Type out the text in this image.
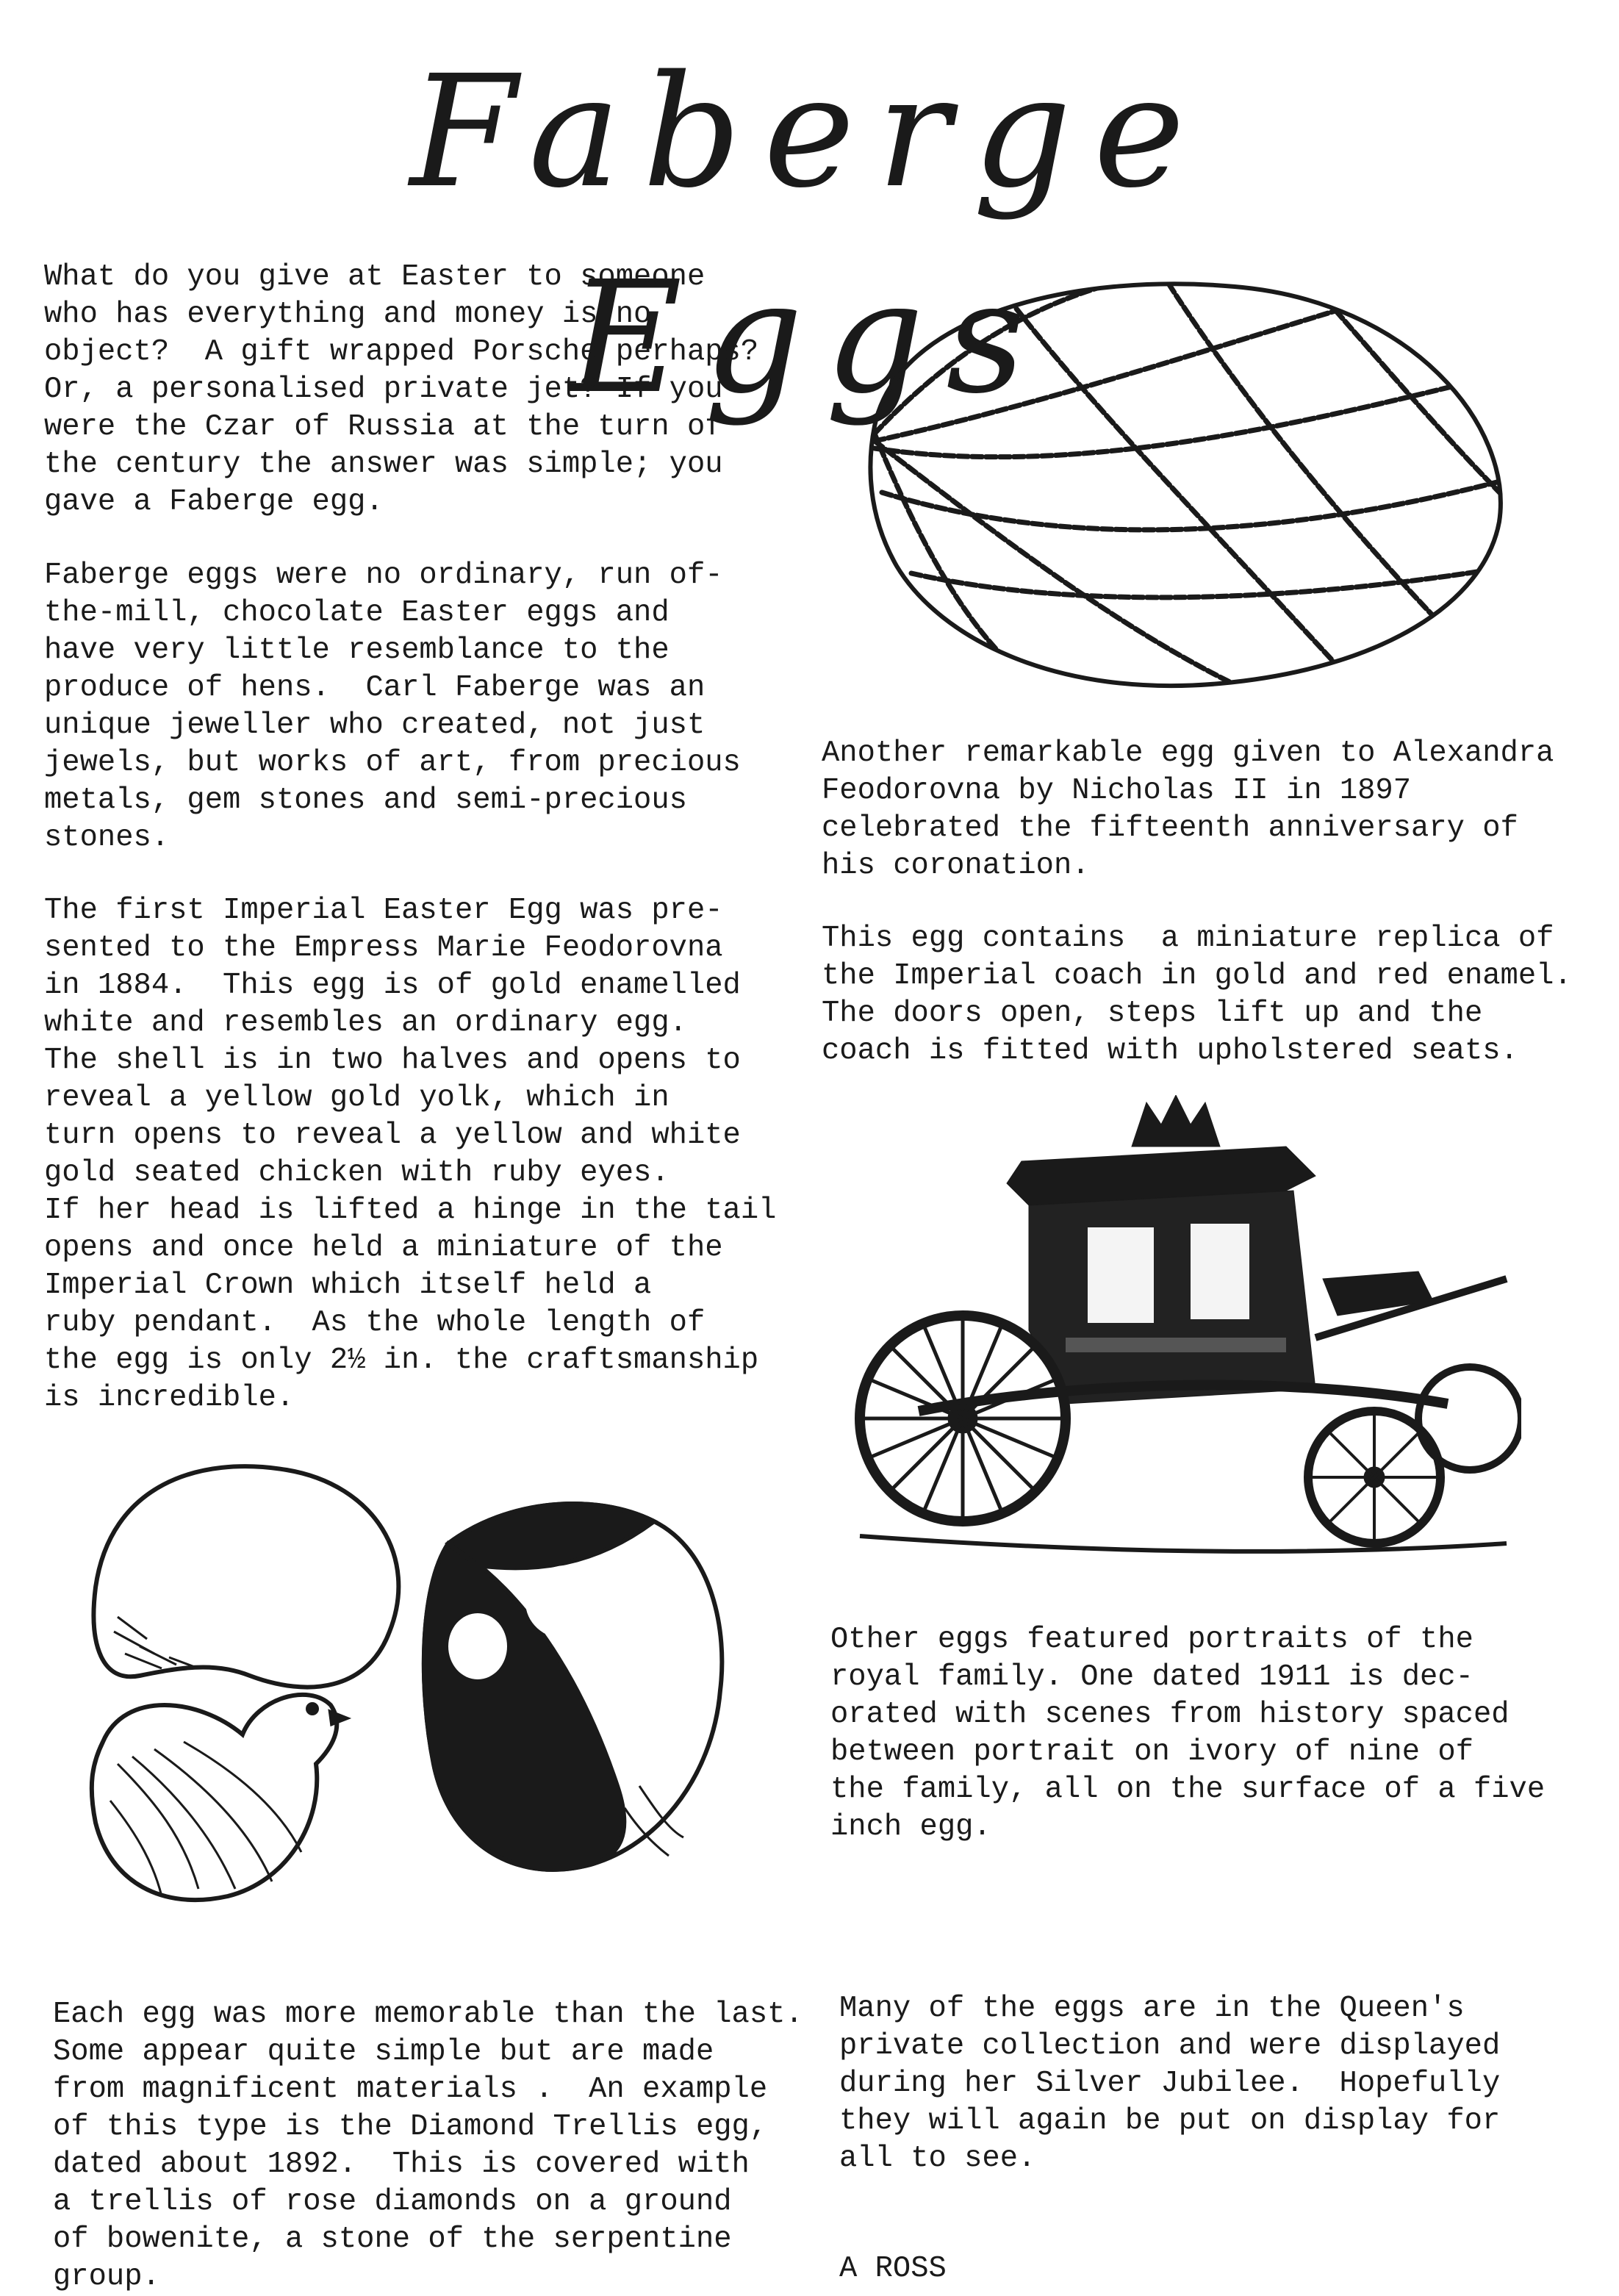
Faberge Eggs

What do you give at Easter to someone
who has everything and money is no
object?  A gift wrapped Porsche perhaps?
Or, a personalised private jet? If you
were the Czar of Russia at the turn of
the century the answer was simple; you
gave a Faberge egg.

Faberge eggs were no ordinary, run of-
the-mill, chocolate Easter eggs and
have very little resemblance to the
produce of hens.  Carl Faberge was an
unique jeweller who created, not just
jewels, but works of art, from precious
metals, gem stones and semi-precious
stones.

The first Imperial Easter Egg was pre-
sented to the Empress Marie Feodorovna
in 1884.  This egg is of gold enamelled
white and resembles an ordinary egg.
The shell is in two halves and opens to
reveal a yellow gold yolk, which in
turn opens to reveal a yellow and white
gold seated chicken with ruby eyes.
If her head is lifted a hinge in the tail
opens and once held a miniature of the
Imperial Crown which itself held a
ruby pendant.  As the whole length of
the egg is only 2½ in. the craftsmanship
is incredible.

Each egg was more memorable than the last.
Some appear quite simple but are made
from magnificent materials .  An example
of this type is the Diamond Trellis egg,
dated about 1892.  This is covered with
a trellis of rose diamonds on a ground
of bowenite, a stone of the serpentine
group.

Another remarkable egg given to Alexandra
Feodorovna by Nicholas II in 1897
celebrated the fifteenth anniversary of
his coronation.

This egg contains  a miniature replica of
the Imperial coach in gold and red enamel.
The doors open, steps lift up and the
coach is fitted with upholstered seats.

Other eggs featured portraits of the
royal family. One dated 1911 is dec-
orated with scenes from history spaced
between portrait on ivory of nine of
the family, all on the surface of a five
inch egg.

Many of the eggs are in the Queen's
private collection and were displayed
during her Silver Jubilee.  Hopefully
they will again be put on display for
all to see.

A ROSS
